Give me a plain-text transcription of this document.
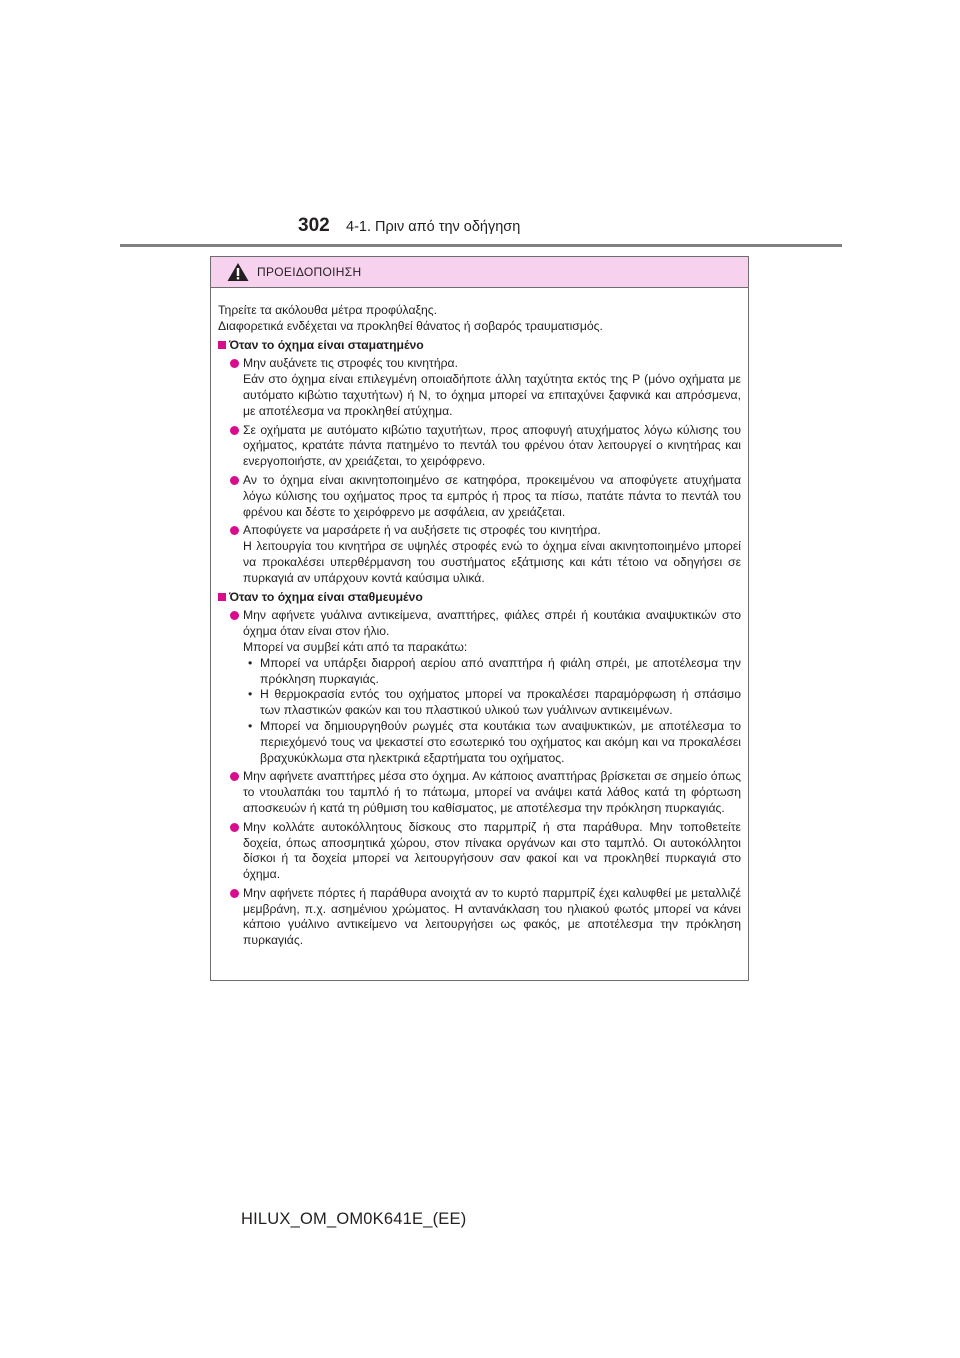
302 4-1. Πριν από την οδήγηση
ΠΡΟΕΙΔΟΠΟΙΗΣΗ
Τηρείτε τα ακόλουθα μέτρα προφύλαξης.
Διαφορετικά ενδέχεται να προκληθεί θάνατος ή σοβαρός τραυματισμός.
Όταν το όχημα είναι σταματημένο
Μην αυξάνετε τις στροφές του κινητήρα.
Εάν στο όχημα είναι επιλεγμένη οποιαδήποτε άλλη ταχύτητα εκτός της P (μόνο οχήματα με αυτόματο κιβώτιο ταχυτήτων) ή N, το όχημα μπορεί να επιταχύνει ξαφνικά και απρόσμενα, με αποτέλεσμα να προκληθεί ατύχημα.
Σε οχήματα με αυτόματο κιβώτιο ταχυτήτων, προς αποφυγή ατυχήματος λόγω κύλισης του οχήματος, κρατάτε πάντα πατημένο το πεντάλ του φρένου όταν λειτουργεί ο κινητήρας και ενεργοποιήστε, αν χρειάζεται, το χειρόφρενο.
Αν το όχημα είναι ακινητοποιημένο σε κατηφόρα, προκειμένου να αποφύγετε ατυχήματα λόγω κύλισης του οχήματος προς τα εμπρός ή προς τα πίσω, πατάτε πάντα το πεντάλ του φρένου και δέστε το χειρόφρενο με ασφάλεια, αν χρειάζεται.
Αποφύγετε να μαρσάρετε ή να αυξήσετε τις στροφές του κινητήρα.
Η λειτουργία του κινητήρα σε υψηλές στροφές ενώ το όχημα είναι ακινητοποιημένο μπορεί να προκαλέσει υπερθέρμανση του συστήματος εξάτμισης και κάτι τέτοιο να οδηγήσει σε πυρκαγιά αν υπάρχουν κοντά καύσιμα υλικά.
Όταν το όχημα είναι σταθμευμένο
Μην αφήνετε γυάλινα αντικείμενα, αναπτήρες, φιάλες σπρέι ή κουτάκια αναψυκτικών στο όχημα όταν είναι στον ήλιο.
Μπορεί να συμβεί κάτι από τα παρακάτω:
• Μπορεί να υπάρξει διαρροή αερίου από αναπτήρα ή φιάλη σπρέι, με αποτέλεσμα την πρόκληση πυρκαγιάς.
• Η θερμοκρασία εντός του οχήματος μπορεί να προκαλέσει παραμόρφωση ή σπάσιμο των πλαστικών φακών και του πλαστικού υλικού των γυάλινων αντικειμένων.
• Μπορεί να δημιουργηθούν ρωγμές στα κουτάκια των αναψυκτικών, με αποτέλεσμα το περιεχόμενό τους να ψεκαστεί στο εσωτερικό του οχήματος και ακόμη και να προκαλέσει βραχυκύκλωμα στα ηλεκτρικά εξαρτήματα του οχήματος.
Μην αφήνετε αναπτήρες μέσα στο όχημα. Αν κάποιος αναπτήρας βρίσκεται σε σημείο όπως το ντουλαπάκι του ταμπλό ή το πάτωμα, μπορεί να ανάψει κατά λάθος κατά τη φόρτωση αποσκευών ή κατά τη ρύθμιση του καθίσματος, με αποτέλεσμα την πρόκληση πυρκαγιάς.
Μην κολλάτε αυτοκόλλητους δίσκους στο παρμπρίζ ή στα παράθυρα. Μην τοποθετείτε δοχεία, όπως αποσμητικά χώρου, στον πίνακα οργάνων και στο ταμπλό. Οι αυτοκόλλητοι δίσκοι ή τα δοχεία μπορεί να λειτουργήσουν σαν φακοί και να προκληθεί πυρκαγιά στο όχημα.
Μην αφήνετε πόρτες ή παράθυρα ανοιχτά αν το κυρτό παρμπρίζ έχει καλυφθεί με μεταλλιζέ μεμβράνη, π.χ. ασημένιου χρώματος. Η αντανάκλαση του ηλιακού φωτός μπορεί να κάνει κάποιο γυάλινο αντικείμενο να λειτουργήσει ως φακός, με αποτέλεσμα την πρόκληση πυρκαγιάς.
HILUX_OM_OM0K641E_(EE)
